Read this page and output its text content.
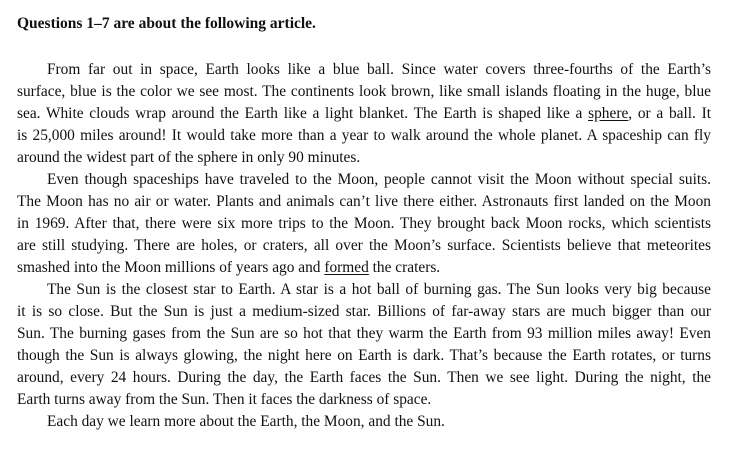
Questions 1–7 are about the following article.
From far out in space, Earth looks like a blue ball. Since water covers three-fourths of the Earth’s
surface, blue is the color we see most. The continents look brown, like small islands floating in the huge, blue
sea. White clouds wrap around the Earth like a light blanket. The Earth is shaped like a sphere, or a ball. It
is 25,000 miles around! It would take more than a year to walk around the whole planet. A spaceship can fly
around the widest part of the sphere in only 90 minutes.
Even though spaceships have traveled to the Moon, people cannot visit the Moon without special suits.
The Moon has no air or water. Plants and animals can’t live there either. Astronauts first landed on the Moon
in 1969. After that, there were six more trips to the Moon. They brought back Moon rocks, which scientists
are still studying. There are holes, or craters, all over the Moon’s surface. Scientists believe that meteorites
smashed into the Moon millions of years ago and formed the craters.
The Sun is the closest star to Earth. A star is a hot ball of burning gas. The Sun looks very big because
it is so close. But the Sun is just a medium-sized star. Billions of far-away stars are much bigger than our
Sun. The burning gases from the Sun are so hot that they warm the Earth from 93 million miles away! Even
though the Sun is always glowing, the night here on Earth is dark. That’s because the Earth rotates, or turns
around, every 24 hours. During the day, the Earth faces the Sun. Then we see light. During the night, the
Earth turns away from the Sun. Then it faces the darkness of space.
Each day we learn more about the Earth, the Moon, and the Sun.
